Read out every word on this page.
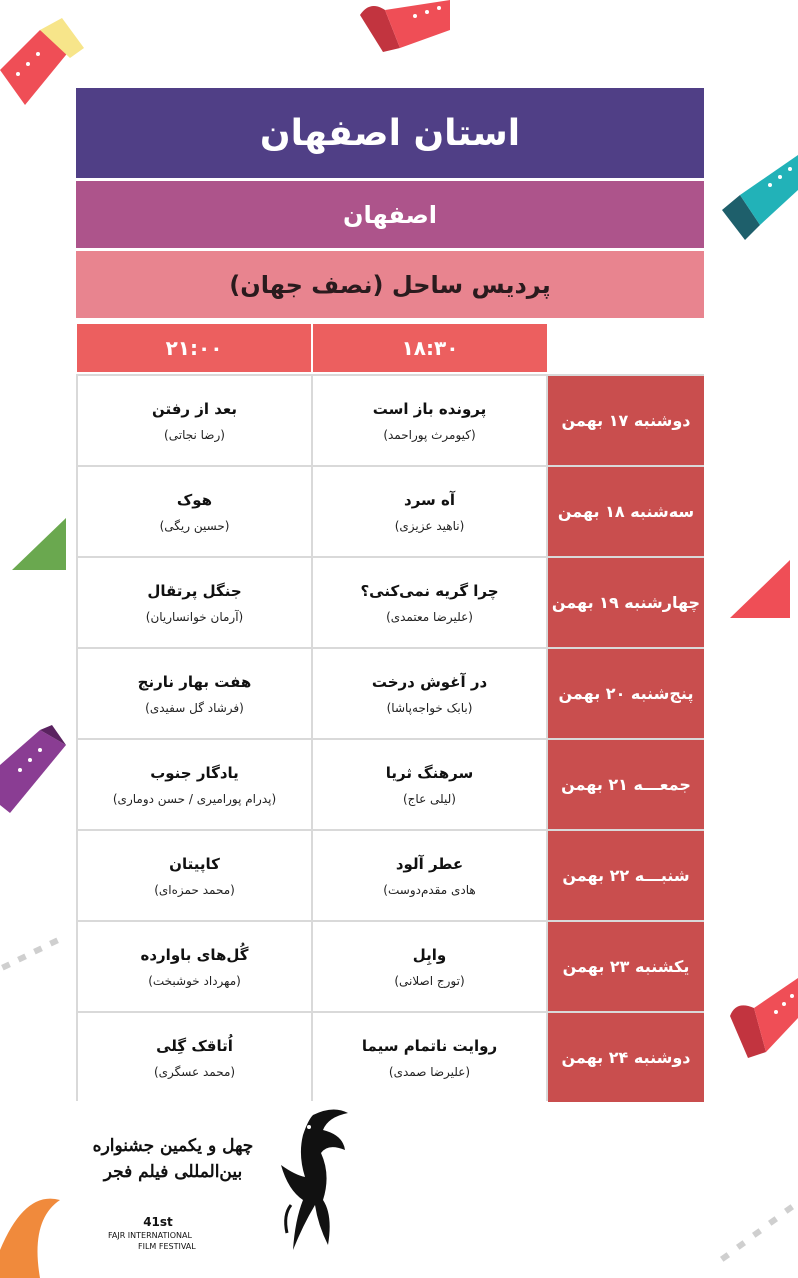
استان اصفهان
اصفهان
پردیس ساحل (نصف جهان)
۱۸:۳۰
۲۱:۰۰
بعد از رفتن
(رضا نجاتی)
پرونده باز است
(کیومرث پوراحمد)
دوشنبه ۱۷ بهمن
هوک
(حسین ریگی)
آه سرد
(ناهید عزیزی)
سه‌شنبه ۱۸ بهمن
جنگل پرتقال
(آرمان خوانساریان)
چرا گریه نمی‌کنی؟
(علیرضا معتمدی)
چهارشنبه ۱۹ بهمن
هفت بهار نارنج
(فرشاد گل سفیدی)
در آغوش درخت
(بابک خواجه‌پاشا)
پنج‌شنبه ۲۰ بهمن
یادگار جنوب
(پدرام پورامیری / حسن دوماری)
سرهنگ ثریا
(لیلی عاج)
جمعـــه ۲۱ بهمن
کاپیتان
(محمد حمزه‌ای)
عطر آلود
هادی مقدم‌دوست)
شنبـــه ۲۲ بهمن
گُل‌های باوارده
(مهرداد خوشبخت)
وابِل
(تورج اصلانی)
یکشنبه ۲۳ بهمن
اُتاقک گِلی
(محمد عسگری)
روایت ناتمام سیما
(علیرضا صمدی)
دوشنبه ۲۴ بهمن
چهل و یکمین جشنواره بین‌المللی فیلم فجر
41st
FAJR INTERNATIONAL
FILM FESTIVAL
